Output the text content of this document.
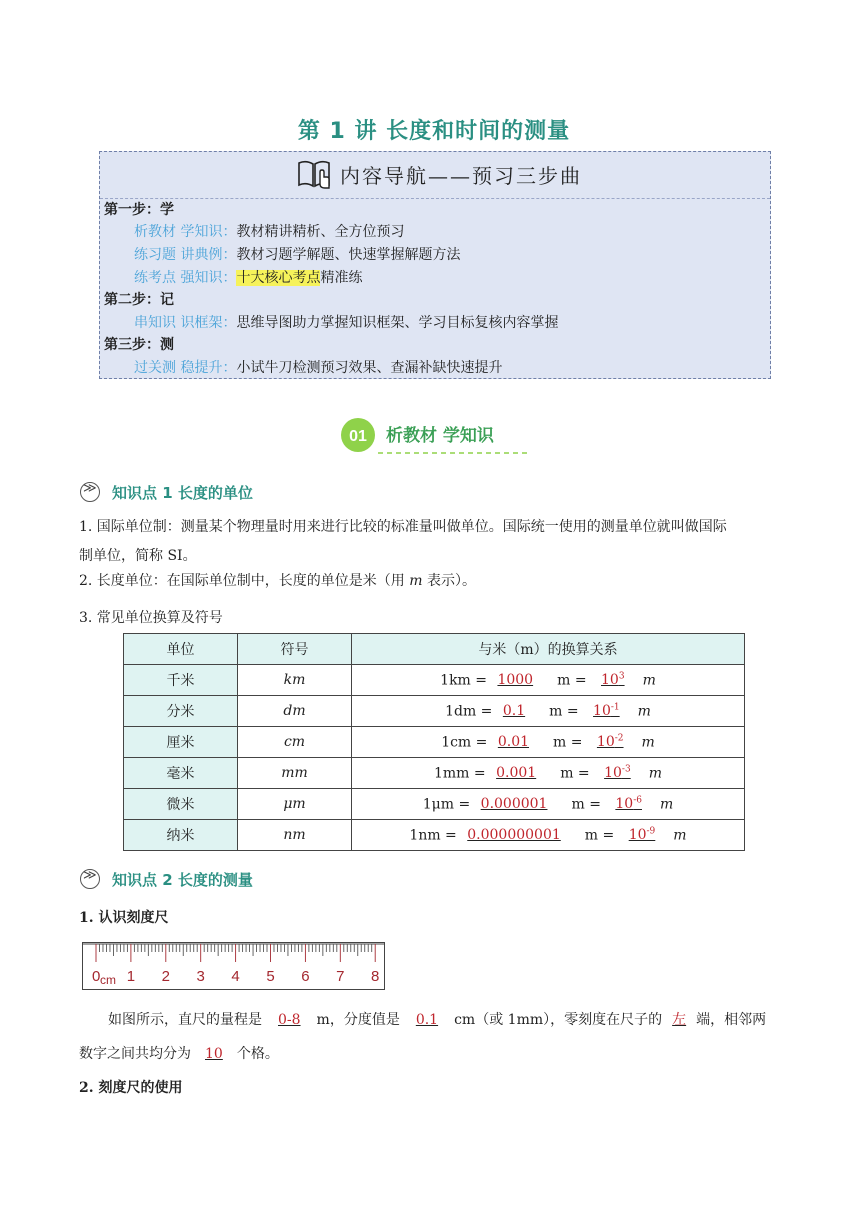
第 1 讲 长度和时间的测量
内容导航——预习三步曲
第一步：学
析教材 学知识：教材精讲精析、全方位预习
练习题 讲典例：教材习题学解题、快速掌握解题方法
练考点 强知识：十大核心考点精准练
第二步：记
串知识 识框架：思维导图助力掌握知识框架、学习目标复核内容掌握
第三步：测
过关测 稳提升：小试牛刀检测预习效果、查漏补缺快速提升
01 析教材 学知识
≫知识点 1 长度的单位
1. 国际单位制：测量某个物理量时用来进行比较的标准量叫做单位。国际统一使用的测量单位就叫做国际
制单位，简称 SI。
2. 长度单位：在国际单位制中，长度的单位是米（用 m 表示）。
3. 常见单位换算及符号
单位	符号	与米（m）的换算关系
千米	km	1km = 1000 $m = 10^3$ m
分米	dm	1dm = 0.1 $m = 10^{-1}$ m
厘米	cm	1cm = 0.01 $m = 10^{-2}$ m
毫米	mm	1mm = 0.001 $m = 10^{-3}$ m
微米	μm	1μm = 0.000001 $m = 10^{-6}$ m
纳米	nm	1nm = 0.000000001 $m = 10^{-9}$ m
≫知识点 2 长度的测量
1. 认识刻度尺
0 1 2 3 4 5 6 7 8
cm
如图所示，直尺的量程是 0-8 m，分度值是 0.1 cm（或 1mm），零刻度在尺子的 左 端，相邻两
数字之间共均分为 10 个格。
2. 刻度尺的使用
